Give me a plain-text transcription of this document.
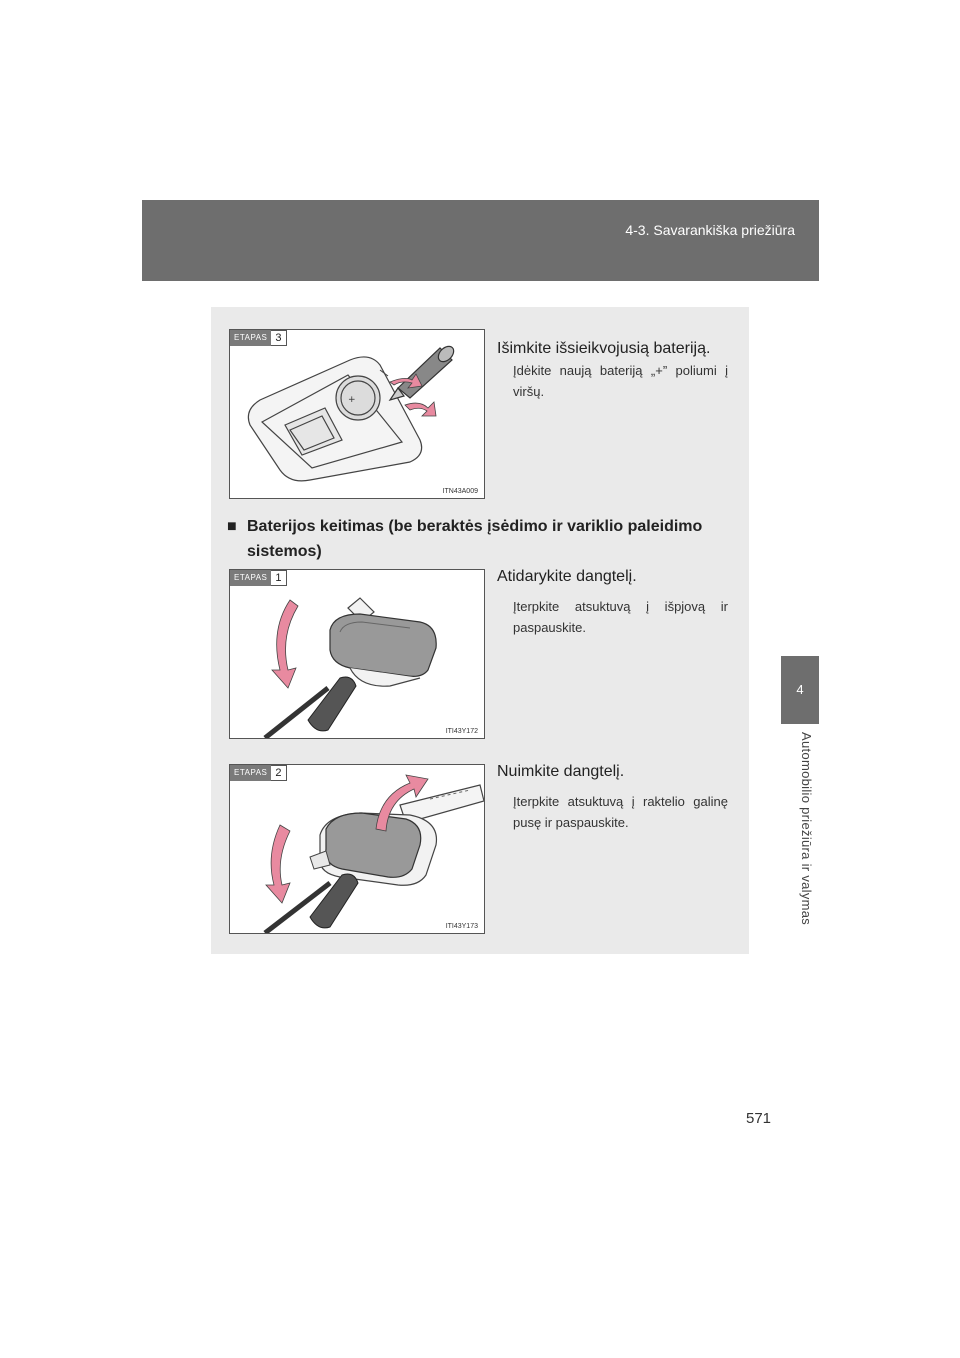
4-3. Savarankiška priežiūra
4
Automobilio priežiūra ir valymas
ETAPAS 3
+
ITN43A009
Išimkite išsieikvojusią bateriją.
Įdėkite naują bateriją „+” poliumi į viršų.
■ Baterijos keitimas (be beraktės įsėdimo ir variklio paleidimo
sistemos)
ETAPAS 1
ITI43Y172
Atidarykite dangtelį.
Įterpkite atsuktuvą į išpjovą ir paspauskite.
ETAPAS 2
ITI43Y173
Nuimkite dangtelį.
Įterpkite atsuktuvą į raktelio galinę pusę ir paspauskite.
571
